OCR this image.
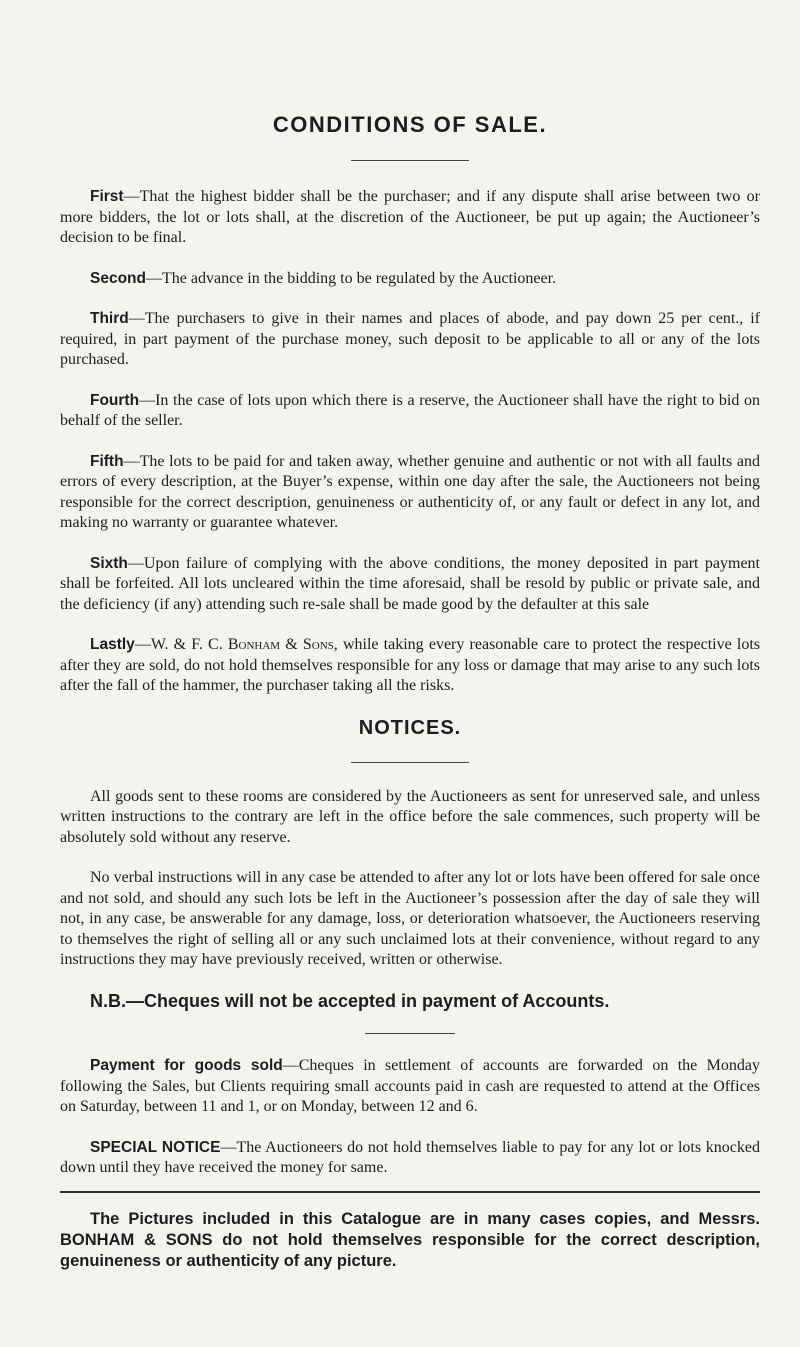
CONDITIONS OF SALE.

First—That the highest bidder shall be the purchaser; and if any dispute shall arise between two or more bidders, the lot or lots shall, at the discretion of the Auctioneer, be put up again; the Auctioneer’s decision to be final.

Second—The advance in the bidding to be regulated by the Auctioneer.

Third—The purchasers to give in their names and places of abode, and pay down 25 per cent., if required, in part payment of the purchase money, such deposit to be applicable to all or any of the lots purchased.

Fourth—In the case of lots upon which there is a reserve, the Auctioneer shall have the right to bid on behalf of the seller.

Fifth—The lots to be paid for and taken away, whether genuine and authentic or not with all faults and errors of every description, at the Buyer’s expense, within one day after the sale, the Auctioneers not being responsible for the correct description, genuineness or authenticity of, or any fault or defect in any lot, and making no warranty or guarantee whatever.

Sixth—Upon failure of complying with the above conditions, the money deposited in part payment shall be forfeited. All lots uncleared within the time aforesaid, shall be resold by public or private sale, and the deficiency (if any) attending such re-sale shall be made good by the defaulter at this sale

Lastly—W. & F. C. Bonham & Sons, while taking every reasonable care to protect the respective lots after they are sold, do not hold themselves responsible for any loss or damage that may arise to any such lots after the fall of the hammer, the purchaser taking all the risks.

NOTICES.

All goods sent to these rooms are considered by the Auctioneers as sent for unreserved sale, and unless written instructions to the contrary are left in the office before the sale commences, such property will be absolutely sold without any reserve.

No verbal instructions will in any case be attended to after any lot or lots have been offered for sale once and not sold, and should any such lots be left in the Auctioneer’s possession after the day of sale they will not, in any case, be answerable for any damage, loss, or deterioration whatsoever, the Auctioneers reserving to themselves the right of selling all or any such unclaimed lots at their convenience, without regard to any instructions they may have previously received, written or otherwise.

N.B.—Cheques will not be accepted in payment of Accounts.

Payment for goods sold—Cheques in settlement of accounts are forwarded on the Monday following the Sales, but Clients requiring small accounts paid in cash are requested to attend at the Offices on Saturday, between 11 and 1, or on Monday, between 12 and 6.

SPECIAL NOTICE—The Auctioneers do not hold themselves liable to pay for any lot or lots knocked down until they have received the money for same.

The Pictures included in this Catalogue are in many cases copies, and Messrs. BONHAM & SONS do not hold themselves responsible for the correct description, genuineness or authenticity of any picture.
